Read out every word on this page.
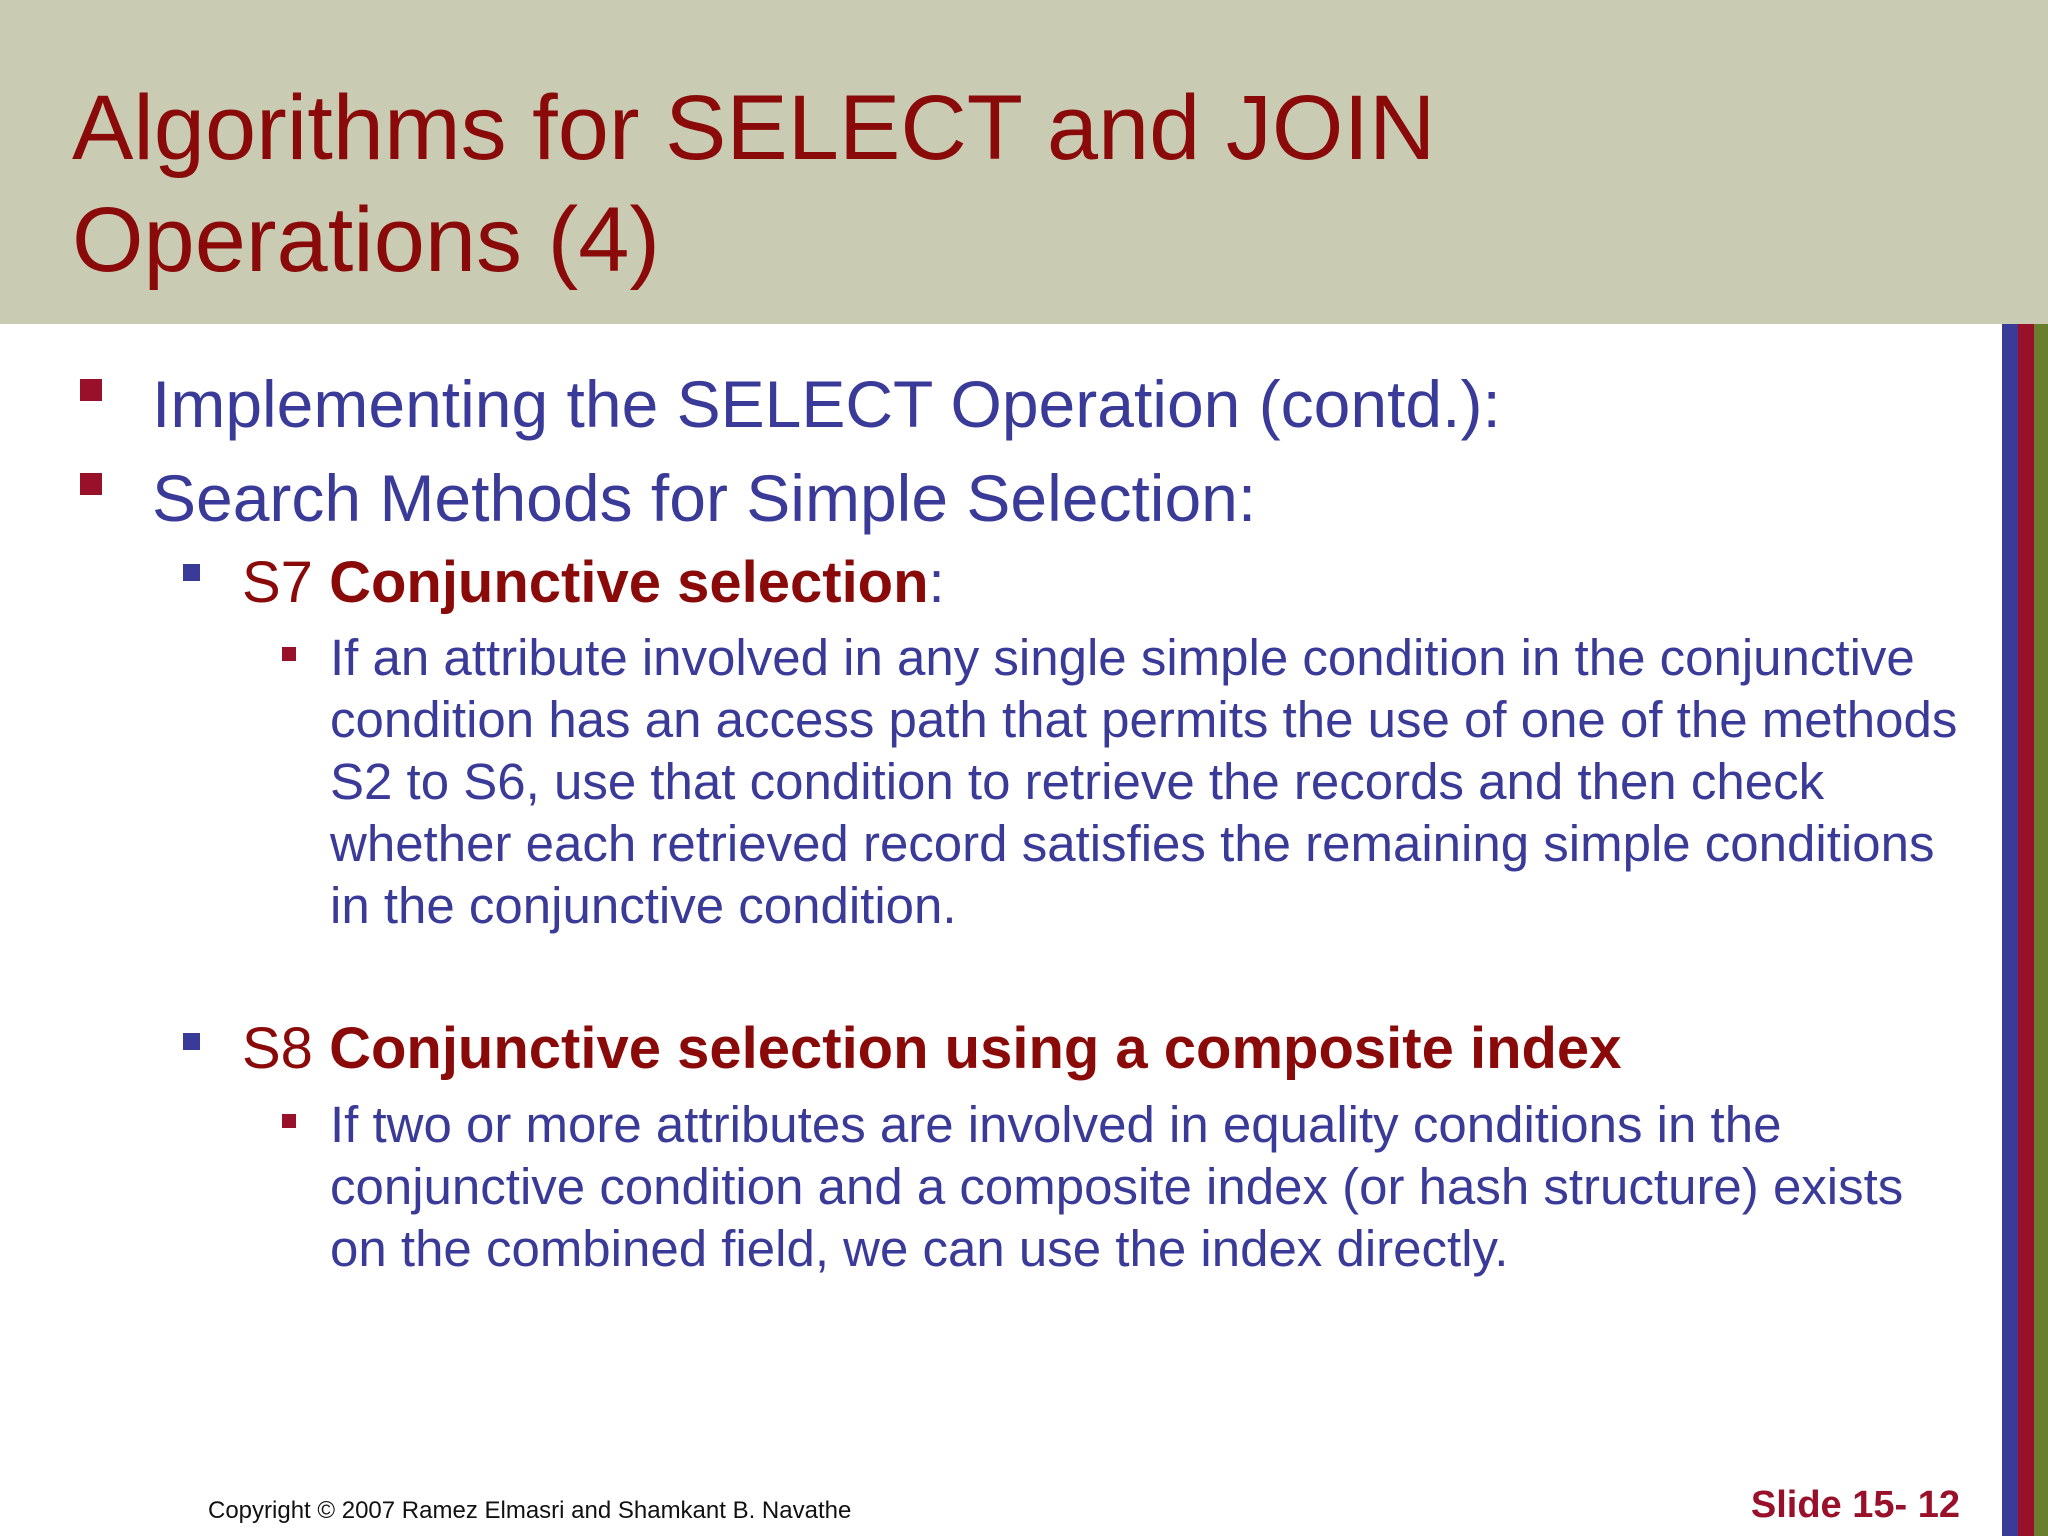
Algorithms for SELECT and JOIN
Operations (4)
Implementing the SELECT Operation (contd.):
Search Methods for Simple Selection:
S7 Conjunctive selection:
If an attribute involved in any single simple condition in the conjunctive condition has an access path that permits the use of one of the methods S2 to S6, use that condition to retrieve the records and then check whether each retrieved record satisfies the remaining simple conditions in the conjunctive condition.
S8 Conjunctive selection using a composite index
If two or more attributes are involved in equality conditions in the conjunctive condition and a composite index (or hash structure) exists on the combined field, we can use the index directly.
Copyright © 2007 Ramez Elmasri and Shamkant B. Navathe	Slide 15- 12
